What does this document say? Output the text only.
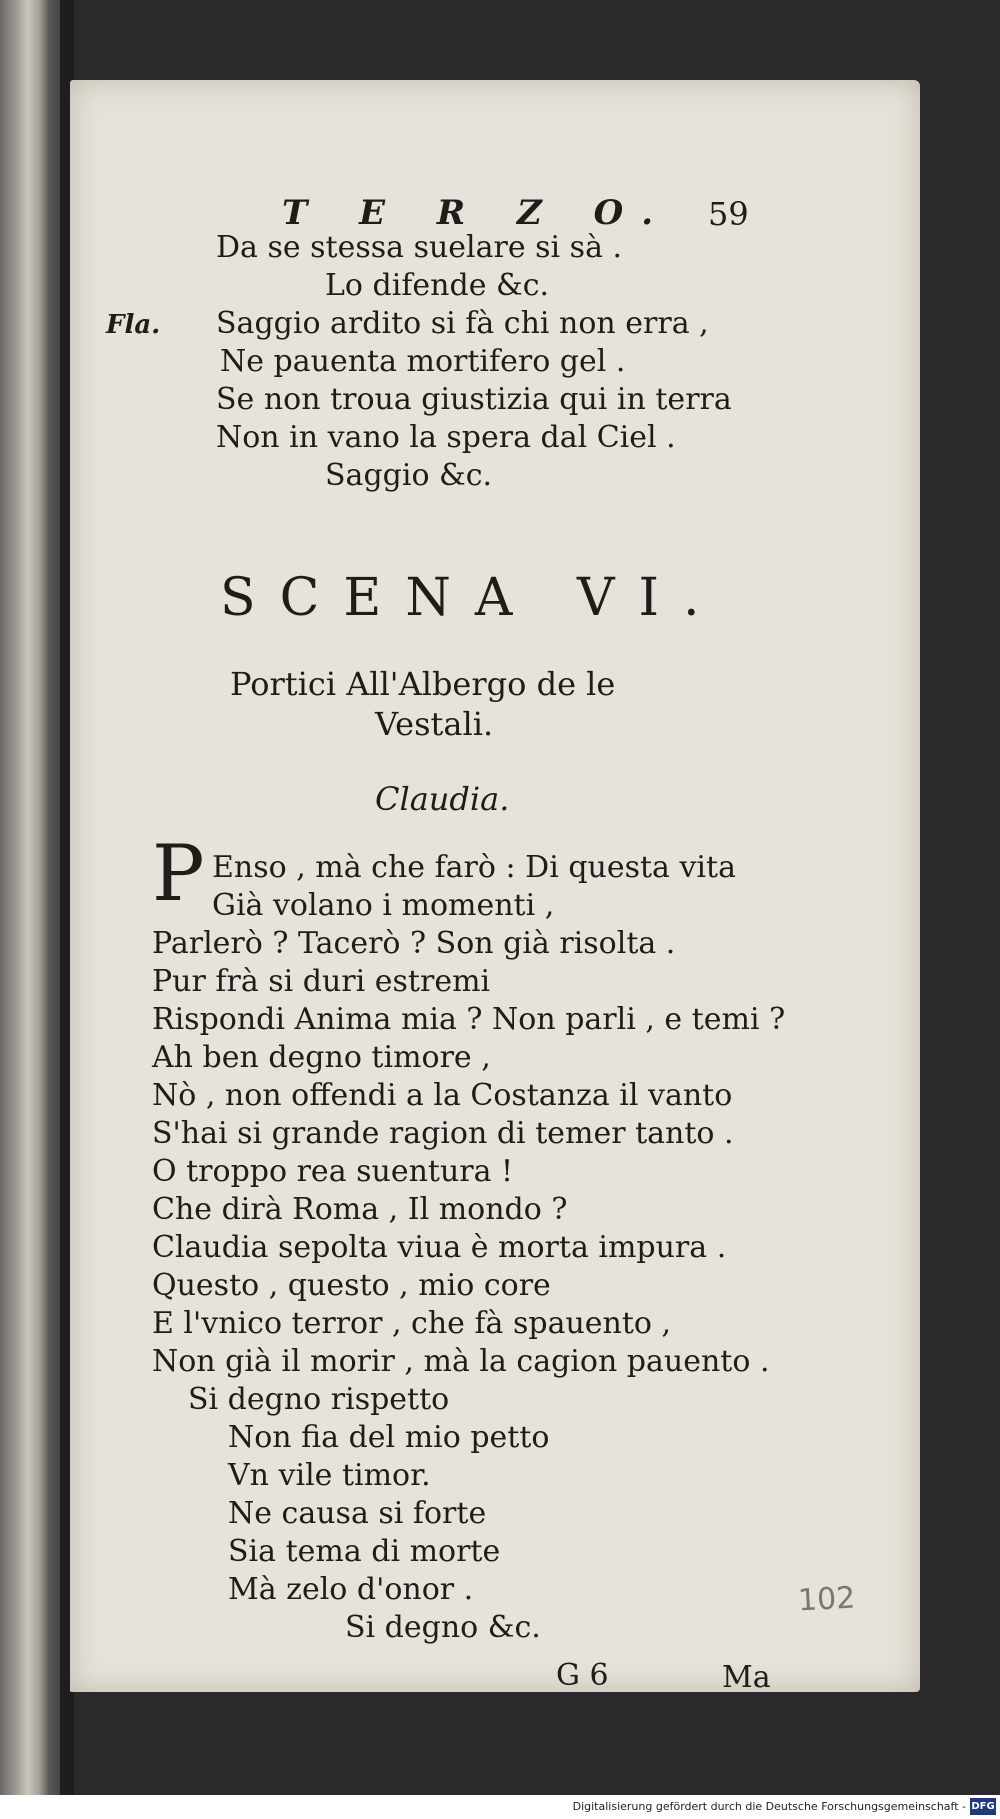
T E R Z O. 59
Da se stessa suelare si sà .
Lo difende &c.
Fla. Saggio ardito si fà chi non erra ,
Ne pauenta mortifero gel .
Se non troua giustizia qui in terra
Non in vano la spera dal Ciel .
Saggio &c.
SCENA VI.
Portici All'Albergo de le
Vestali.
Claudia.
P Enso , mà che farò : Di questa vita
Già volano i momenti ,
Parlerò ? Tacerò ? Son già risolta .
Pur frà si duri estremi
Rispondi Anima mia ? Non parli , e temi ?
Ah ben degno timore ,
Nò , non offendi a la Costanza il vanto
S'hai si grande ragion di temer tanto .
O troppo rea suentura !
Che dirà Roma , Il mondo ?
Claudia sepolta viua è morta impura .
Questo , questo , mio core
E l'vnico terror , che fà spauento ,
Non già il morir , mà la cagion pauento .
Si degno rispetto
Non fia del mio petto
Vn vile timor.
Ne causa si forte
Sia tema di morte
Mà zelo d'onor .
Si degno &c.
102
G 6	Ma
Digitalisierung gefördert durch die Deutsche Forschungsgemeinschaft - DFG
